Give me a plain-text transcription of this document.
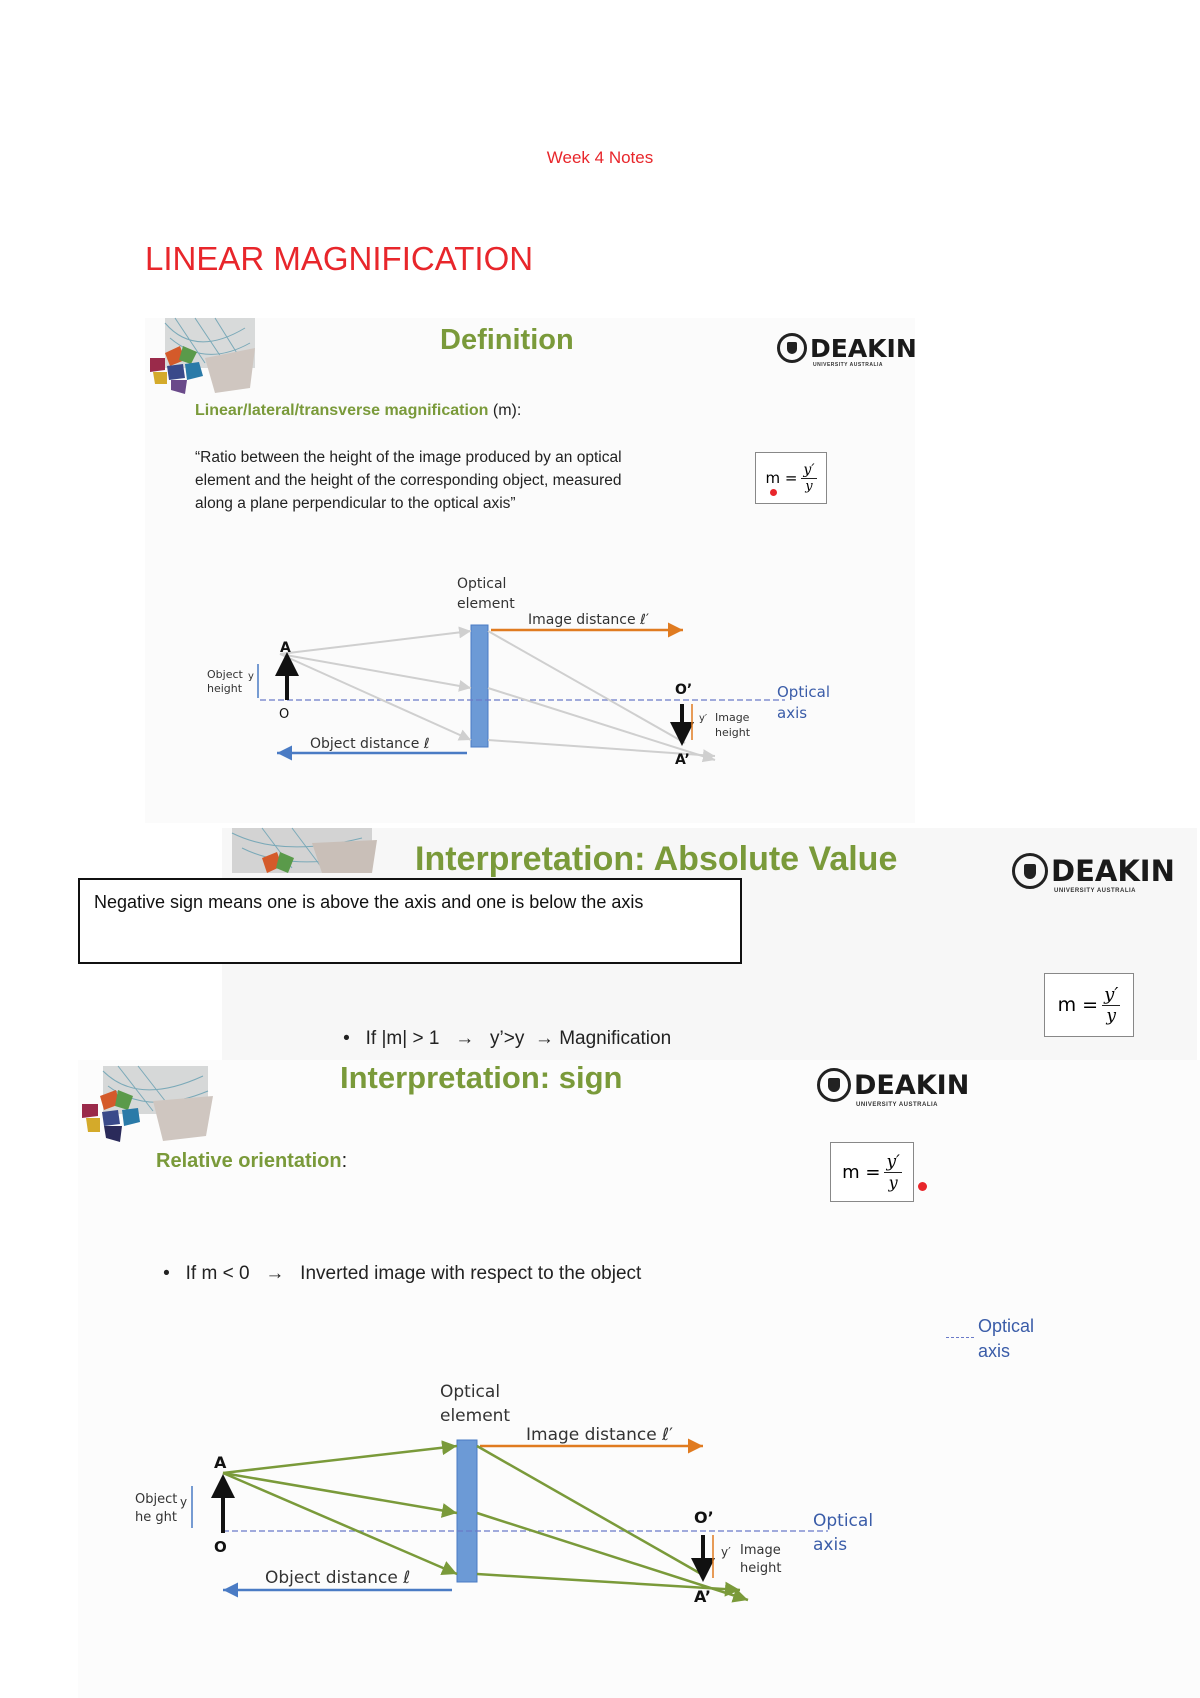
Week 4 Notes
LINEAR MAGNIFICATION
Definition	DEAKIN
UNIVERSITY AUSTRALIA
Linear/lateral/transverse magnification (m):
“Ratio between the height of the image produced by an optical
element and the height of the corresponding object, measured
along a plane perpendicular to the optical axis”
$m = \frac{y'}{y}$
Optical
element
Image distance ℓ′
Optical
axis
A
O
Object
height
y
O’
A’
y′ Image
height
Object distance ℓ
Interpretation: Absolute Value	DEAKIN
UNIVERSITY AUSTRALIA
$m = \frac{y'}{y}$

• If |m| > 1   →   y’>y  → Magnification

Negative sign means one is above the axis and one is below the axis
Interpretation: sign	DEAKIN
UNIVERSITY AUSTRALIA
Relative orientation:	$m = \frac{y'}{y}$

• If m < 0   →   Inverted image with respect to the object

Optical
axis
Optical
element
Image distance ℓ′
Optical
axis
A
O
Object
he ght
y
O’
A’
y′ Image
height
Object distance ℓ
